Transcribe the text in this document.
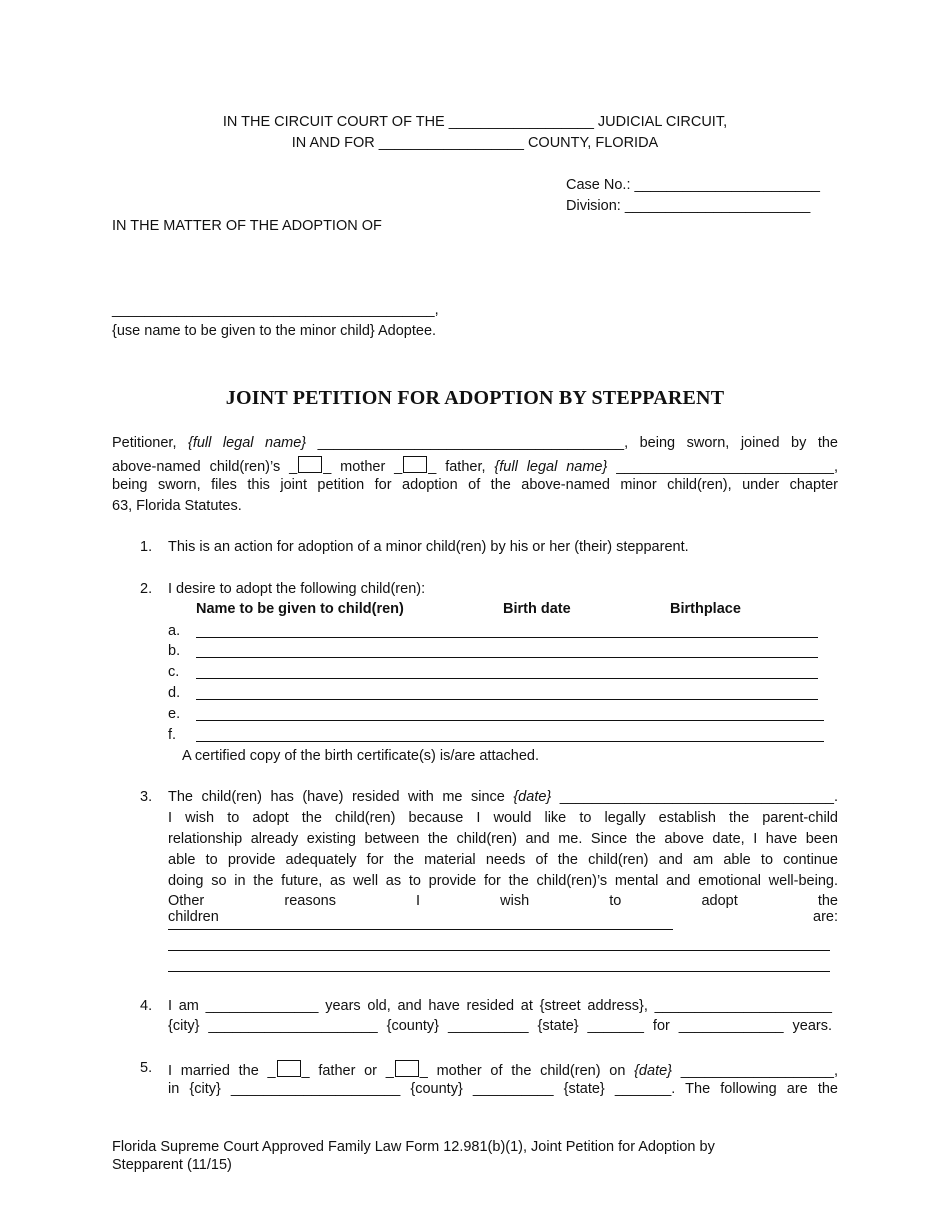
IN THE CIRCUIT COURT OF THE __________________ JUDICIAL CIRCUIT,
IN AND FOR __________________ COUNTY, FLORIDA
Case No.: _______________________
Division: _______________________
IN THE MATTER OF THE ADOPTION OF
________________________________________,
{use name to be given to the minor child} Adoptee.
JOINT PETITION FOR ADOPTION BY STEPPARENT
Petitioner, {full legal name} ______________________________________, being sworn, joined by the
above-named child(ren)’s _ _ mother _ _ father, {full legal name} ___________________________,
being sworn, files this joint petition for adoption of the above-named minor child(ren), under chapter
63, Florida Statutes.
1. This is an action for adoption of a minor child(ren) by his or her (their) stepparent.
2. I desire to adopt the following child(ren):
Name to be given to child(ren)	Birth date	Birthplace
a.
b.
c.
d.
e.
f.
A certified copy of the birth certificate(s) is/are attached.
3. The child(ren) has (have) resided with me since {date} __________________________________.
I wish to adopt the child(ren) because I would like to legally establish the parent-child
relationship already existing between the child(ren) and me. Since the above date, I have been
able to provide adequately for the material needs of the child(ren) and am able to continue
doing so in the future, as well as to provide for the child(ren)’s mental and emotional well-being.
Other reasons I wish to adopt the children are:
4. I am ______________ years old, and have resided at {street address}, ______________________
{city} _____________________ {county} __________ {state} _______ for _____________ years.
5. I married the _ _ father or _ _ mother of the child(ren) on {date} ___________________,
in {city} _____________________ {county} __________ {state} _______. The following are the
Florida Supreme Court Approved Family Law Form 12.981(b)(1), Joint Petition for Adoption by
Stepparent (11/15)
